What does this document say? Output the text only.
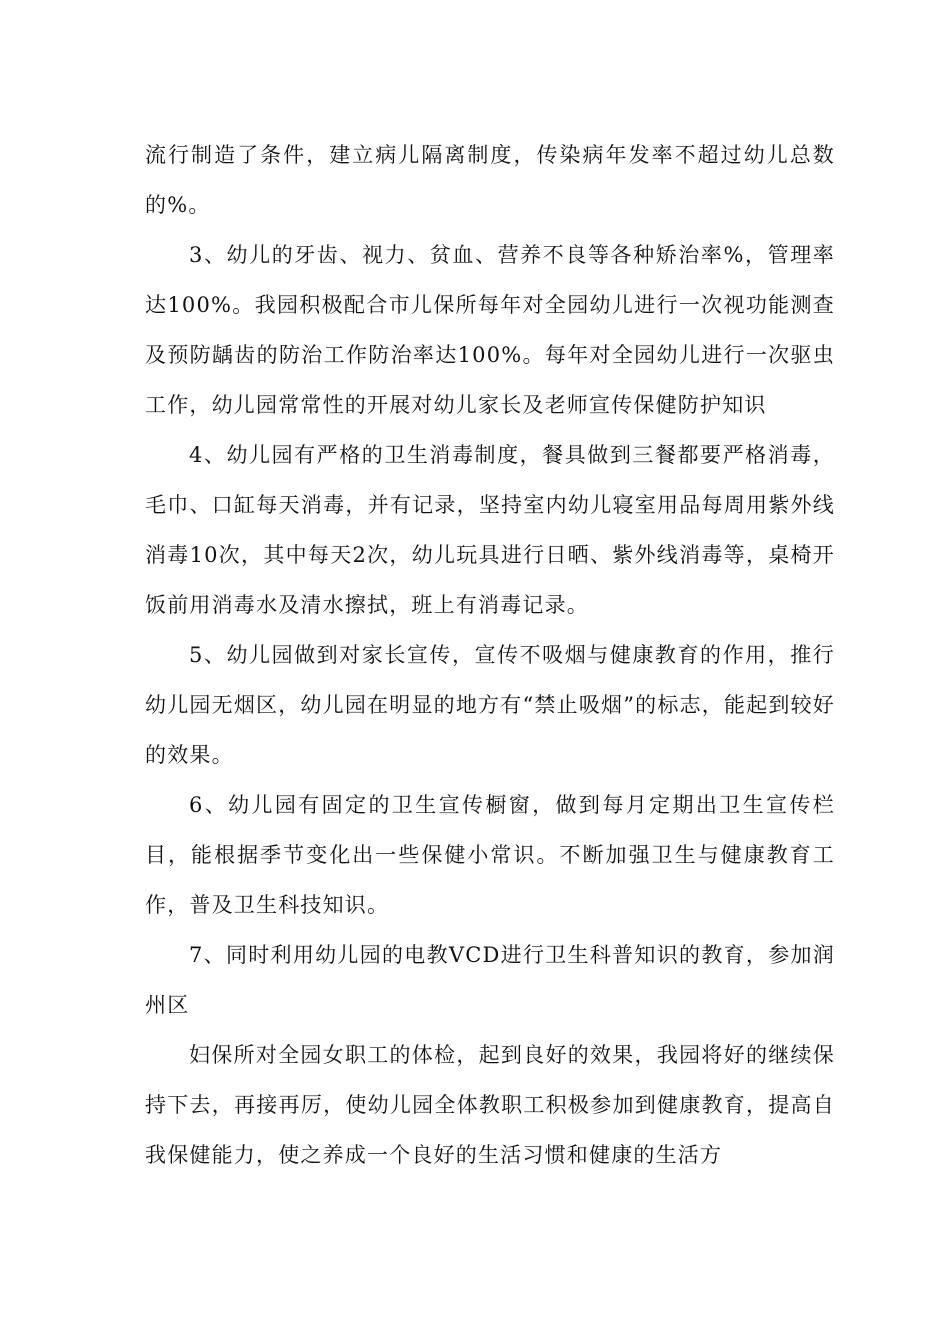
流行制造了条件，建立病儿隔离制度，传染病年发率不超过幼儿总数的%。

3、幼儿的牙齿、视力、贫血、营养不良等各种矫治率%，管理率达100%。我园积极配合市儿保所每年对全园幼儿进行一次视功能测查及预防龋齿的防治工作防治率达100%。每年对全园幼儿进行一次驱虫工作，幼儿园常常性的开展对幼儿家长及老师宣传保健防护知识

4、幼儿园有严格的卫生消毒制度，餐具做到三餐都要严格消毒，毛巾、口缸每天消毒，并有记录，坚持室内幼儿寝室用品每周用紫外线消毒10次，其中每天2次，幼儿玩具进行日晒、紫外线消毒等，桌椅开饭前用消毒水及清水擦拭，班上有消毒记录。

5、幼儿园做到对家长宣传，宣传不吸烟与健康教育的作用，推行幼儿园无烟区，幼儿园在明显的地方有“禁止吸烟”的标志，能起到较好的效果。

6、幼儿园有固定的卫生宣传橱窗，做到每月定期出卫生宣传栏目，能根据季节变化出一些保健小常识。不断加强卫生与健康教育工作，普及卫生科技知识。

7、同时利用幼儿园的电教VCD进行卫生科普知识的教育，参加润州区

妇保所对全园女职工的体检，起到良好的效果，我园将好的继续保持下去，再接再厉，使幼儿园全体教职工积极参加到健康教育，提高自我保健能力，使之养成一个良好的生活习惯和健康的生活方
